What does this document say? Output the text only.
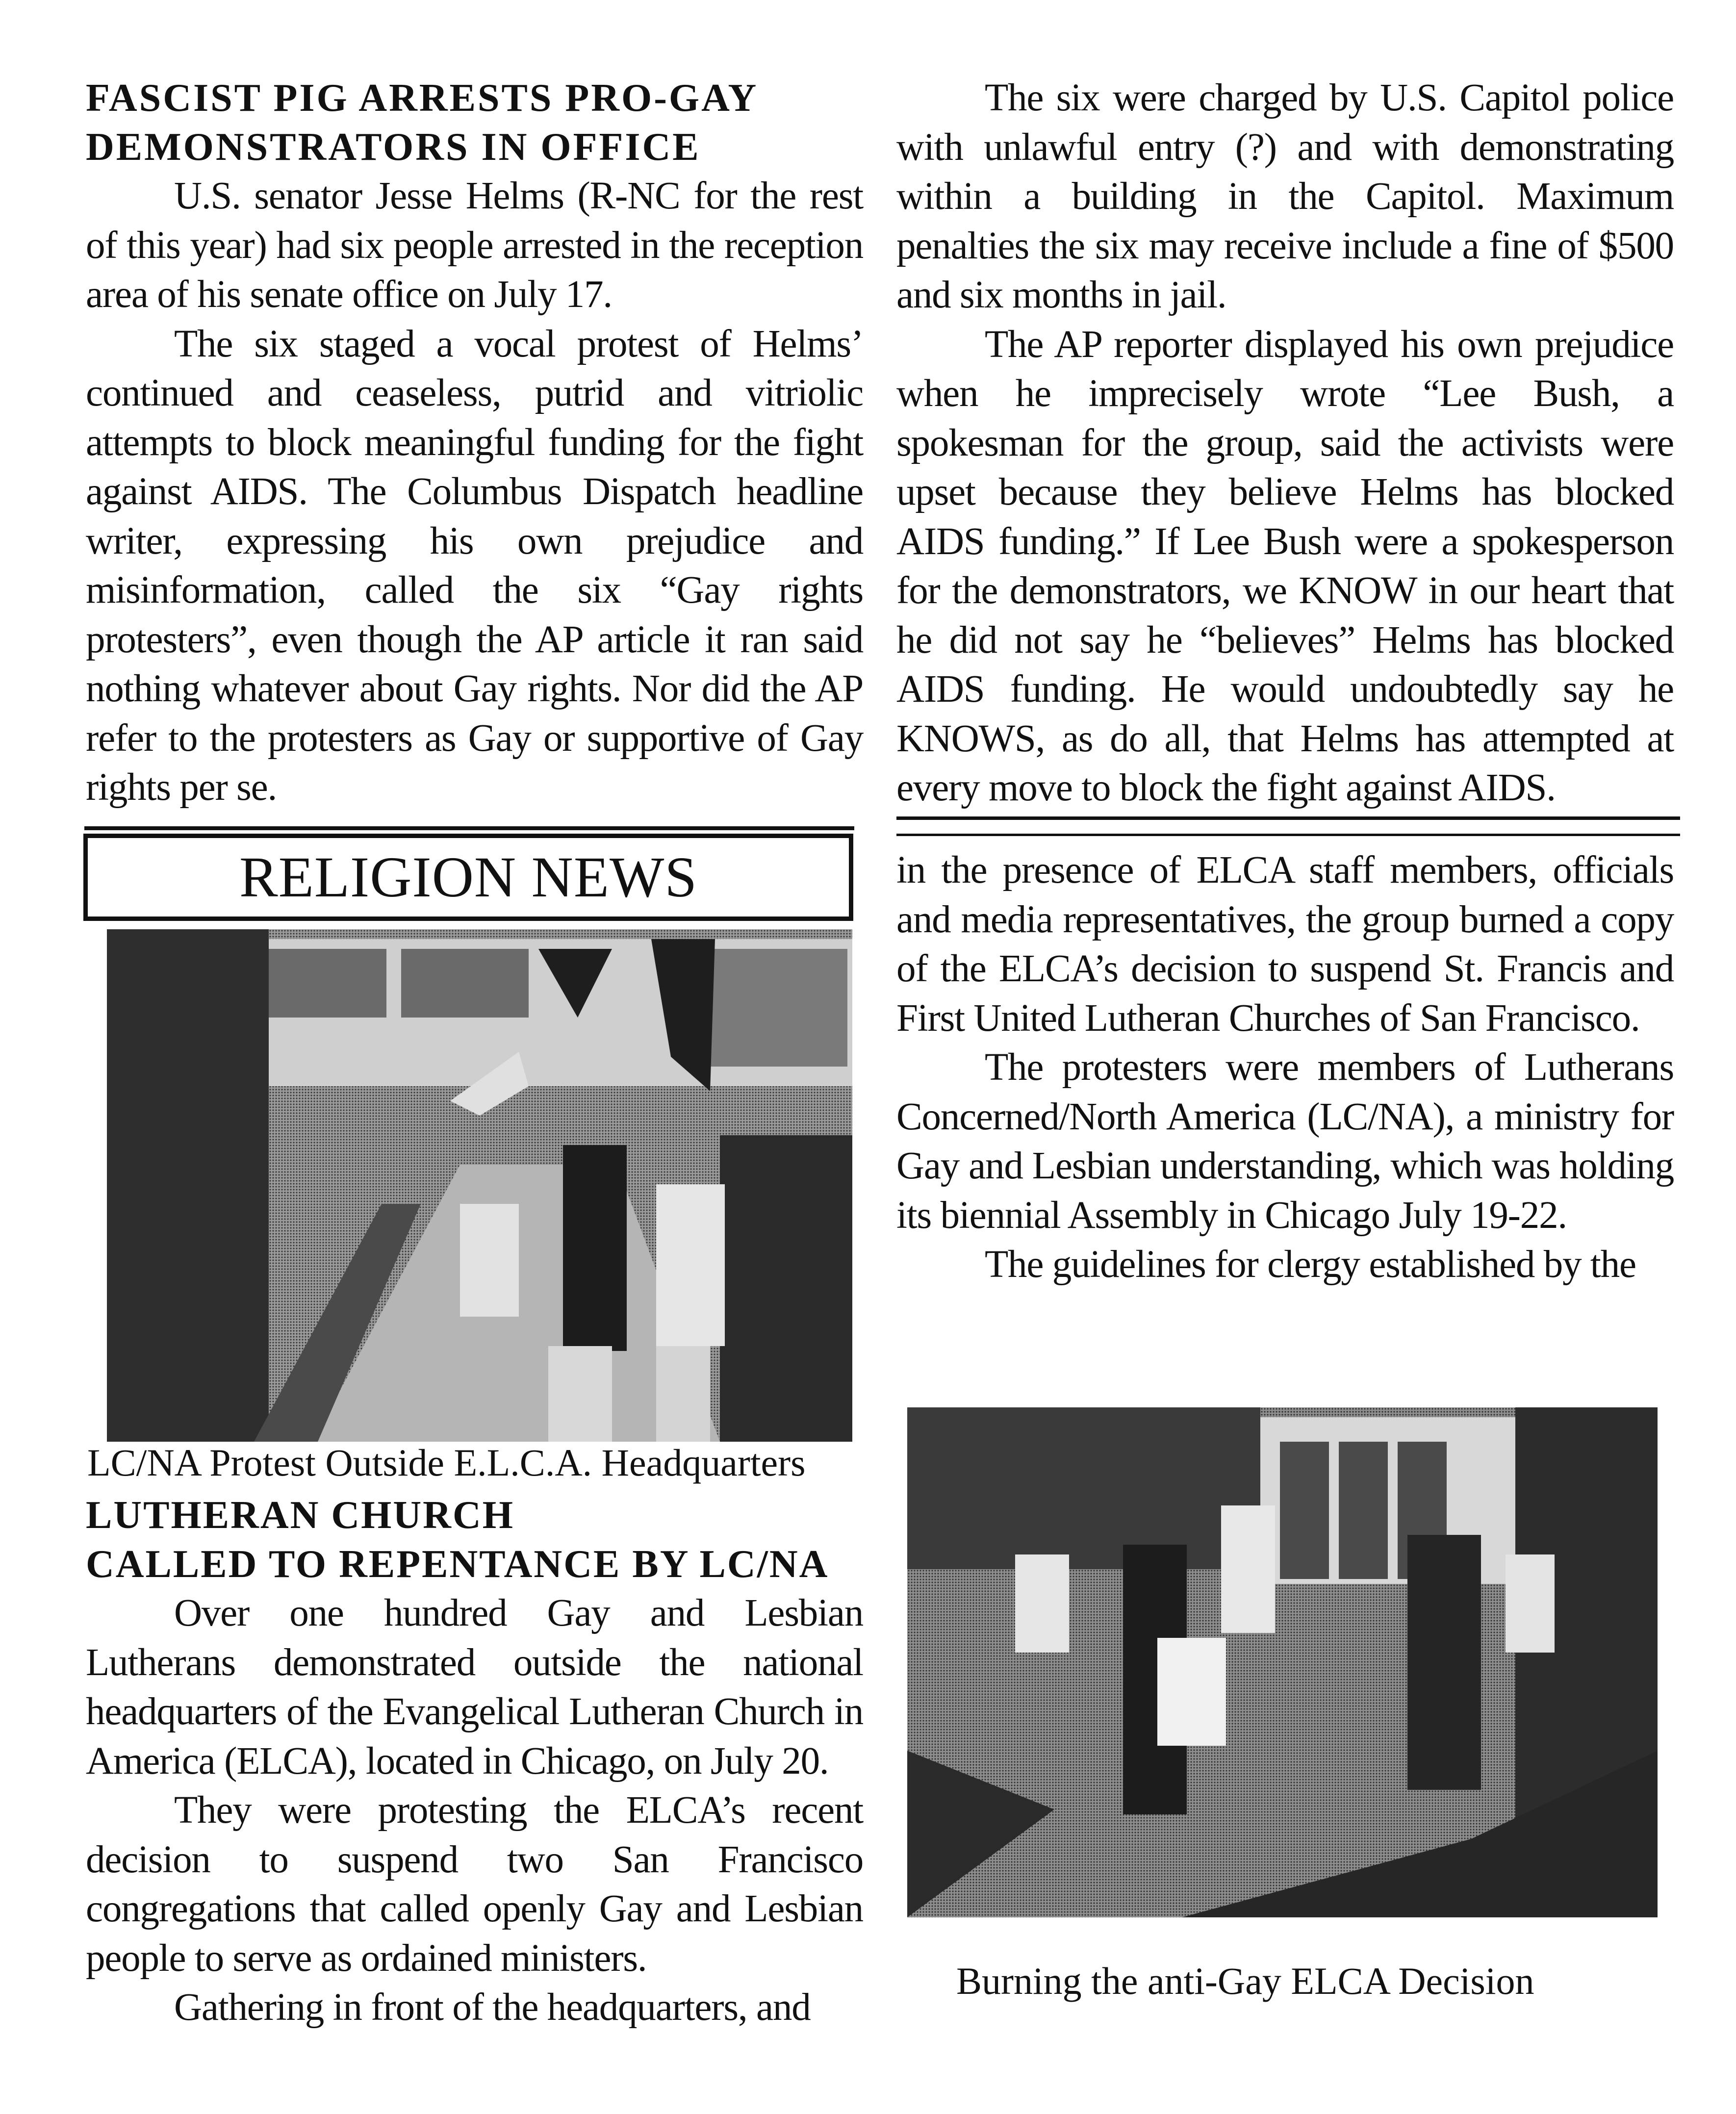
FASCIST PIG ARRESTS PRO-GAY
DEMONSTRATORS IN OFFICE

U.S. senator Jesse Helms (R-NC for the rest of this year) had six people arrested in the reception area of his senate office on July 17.

The six staged a vocal protest of Helms’ continued and ceaseless, putrid and vitriolic attempts to block meaningful funding for the fight against AIDS. The Columbus Dispatch headline writer, expressing his own prejudice and misinformation, called the six “Gay rights protesters”, even though the AP article it ran said nothing whatever about Gay rights. Nor did the AP refer to the protesters as Gay or supportive of Gay rights per se.

The six were charged by U.S. Capitol police with unlawful entry (?) and with demonstrating within a building in the Capitol. Maximum penalties the six may receive include a fine of $500 and six months in jail.

The AP reporter displayed his own prejudice when he imprecisely wrote “Lee Bush, a spokesman for the group, said the activists were upset because they believe Helms has blocked AIDS funding.” If Lee Bush were a spokesperson for the demonstrators, we KNOW in our heart that he did not say he “believes” Helms has blocked AIDS funding. He would undoubtedly say he KNOWS, as do all, that Helms has attempted at every move to block the fight against AIDS.

RELIGION NEWS
LC/NA Protest Outside E.L.C.A. Headquarters
LUTHERAN CHURCH
CALLED TO REPENTANCE BY LC/NA

Over one hundred Gay and Lesbian Lutherans demonstrated outside the national headquarters of the Evangelical Lutheran Church in America (ELCA), located in Chicago, on July 20.

They were protesting the ELCA’s recent decision to suspend two San Francisco congregations that called openly Gay and Lesbian people to serve as ordained ministers.

Gathering in front of the headquarters, and

in the presence of ELCA staff members, officials and media representatives, the group burned a copy of the ELCA’s decision to suspend St. Francis and First United Lutheran Churches of San Francisco.

The protesters were members of Lutherans Concerned/North America (LC/NA), a ministry for Gay and Lesbian understanding, which was holding its biennial Assembly in Chicago July 19-22.

The guidelines for clergy established by the

Burning the anti-Gay ELCA Decision
